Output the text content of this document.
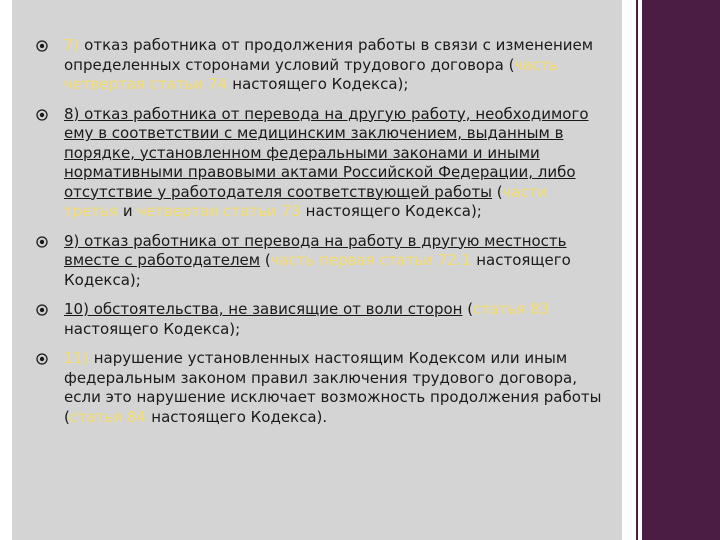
7) отказ работника от продолжения работы в связи с изменением определенных сторонами условий трудового договора (часть четвертая статьи 74 настоящего Кодекса);
8) отказ работника от перевода на другую работу, необходимого ему в соответствии с медицинским заключением, выданным в порядке, установленном федеральными законами и иными нормативными правовыми актами Российской Федерации, либо отсутствие у работодателя соответствующей работы (части третья и четвертая статьи 73 настоящего Кодекса);
9) отказ работника от перевода на работу в другую местность вместе с работодателем (часть первая статьи 72.1 настоящего Кодекса);
10) обстоятельства, не зависящие от воли сторон (статья 83 настоящего Кодекса);
11) нарушение установленных настоящим Кодексом или иным федеральным законом правил заключения трудового договора, если это нарушение исключает возможность продолжения работы (статья 84 настоящего Кодекса).
